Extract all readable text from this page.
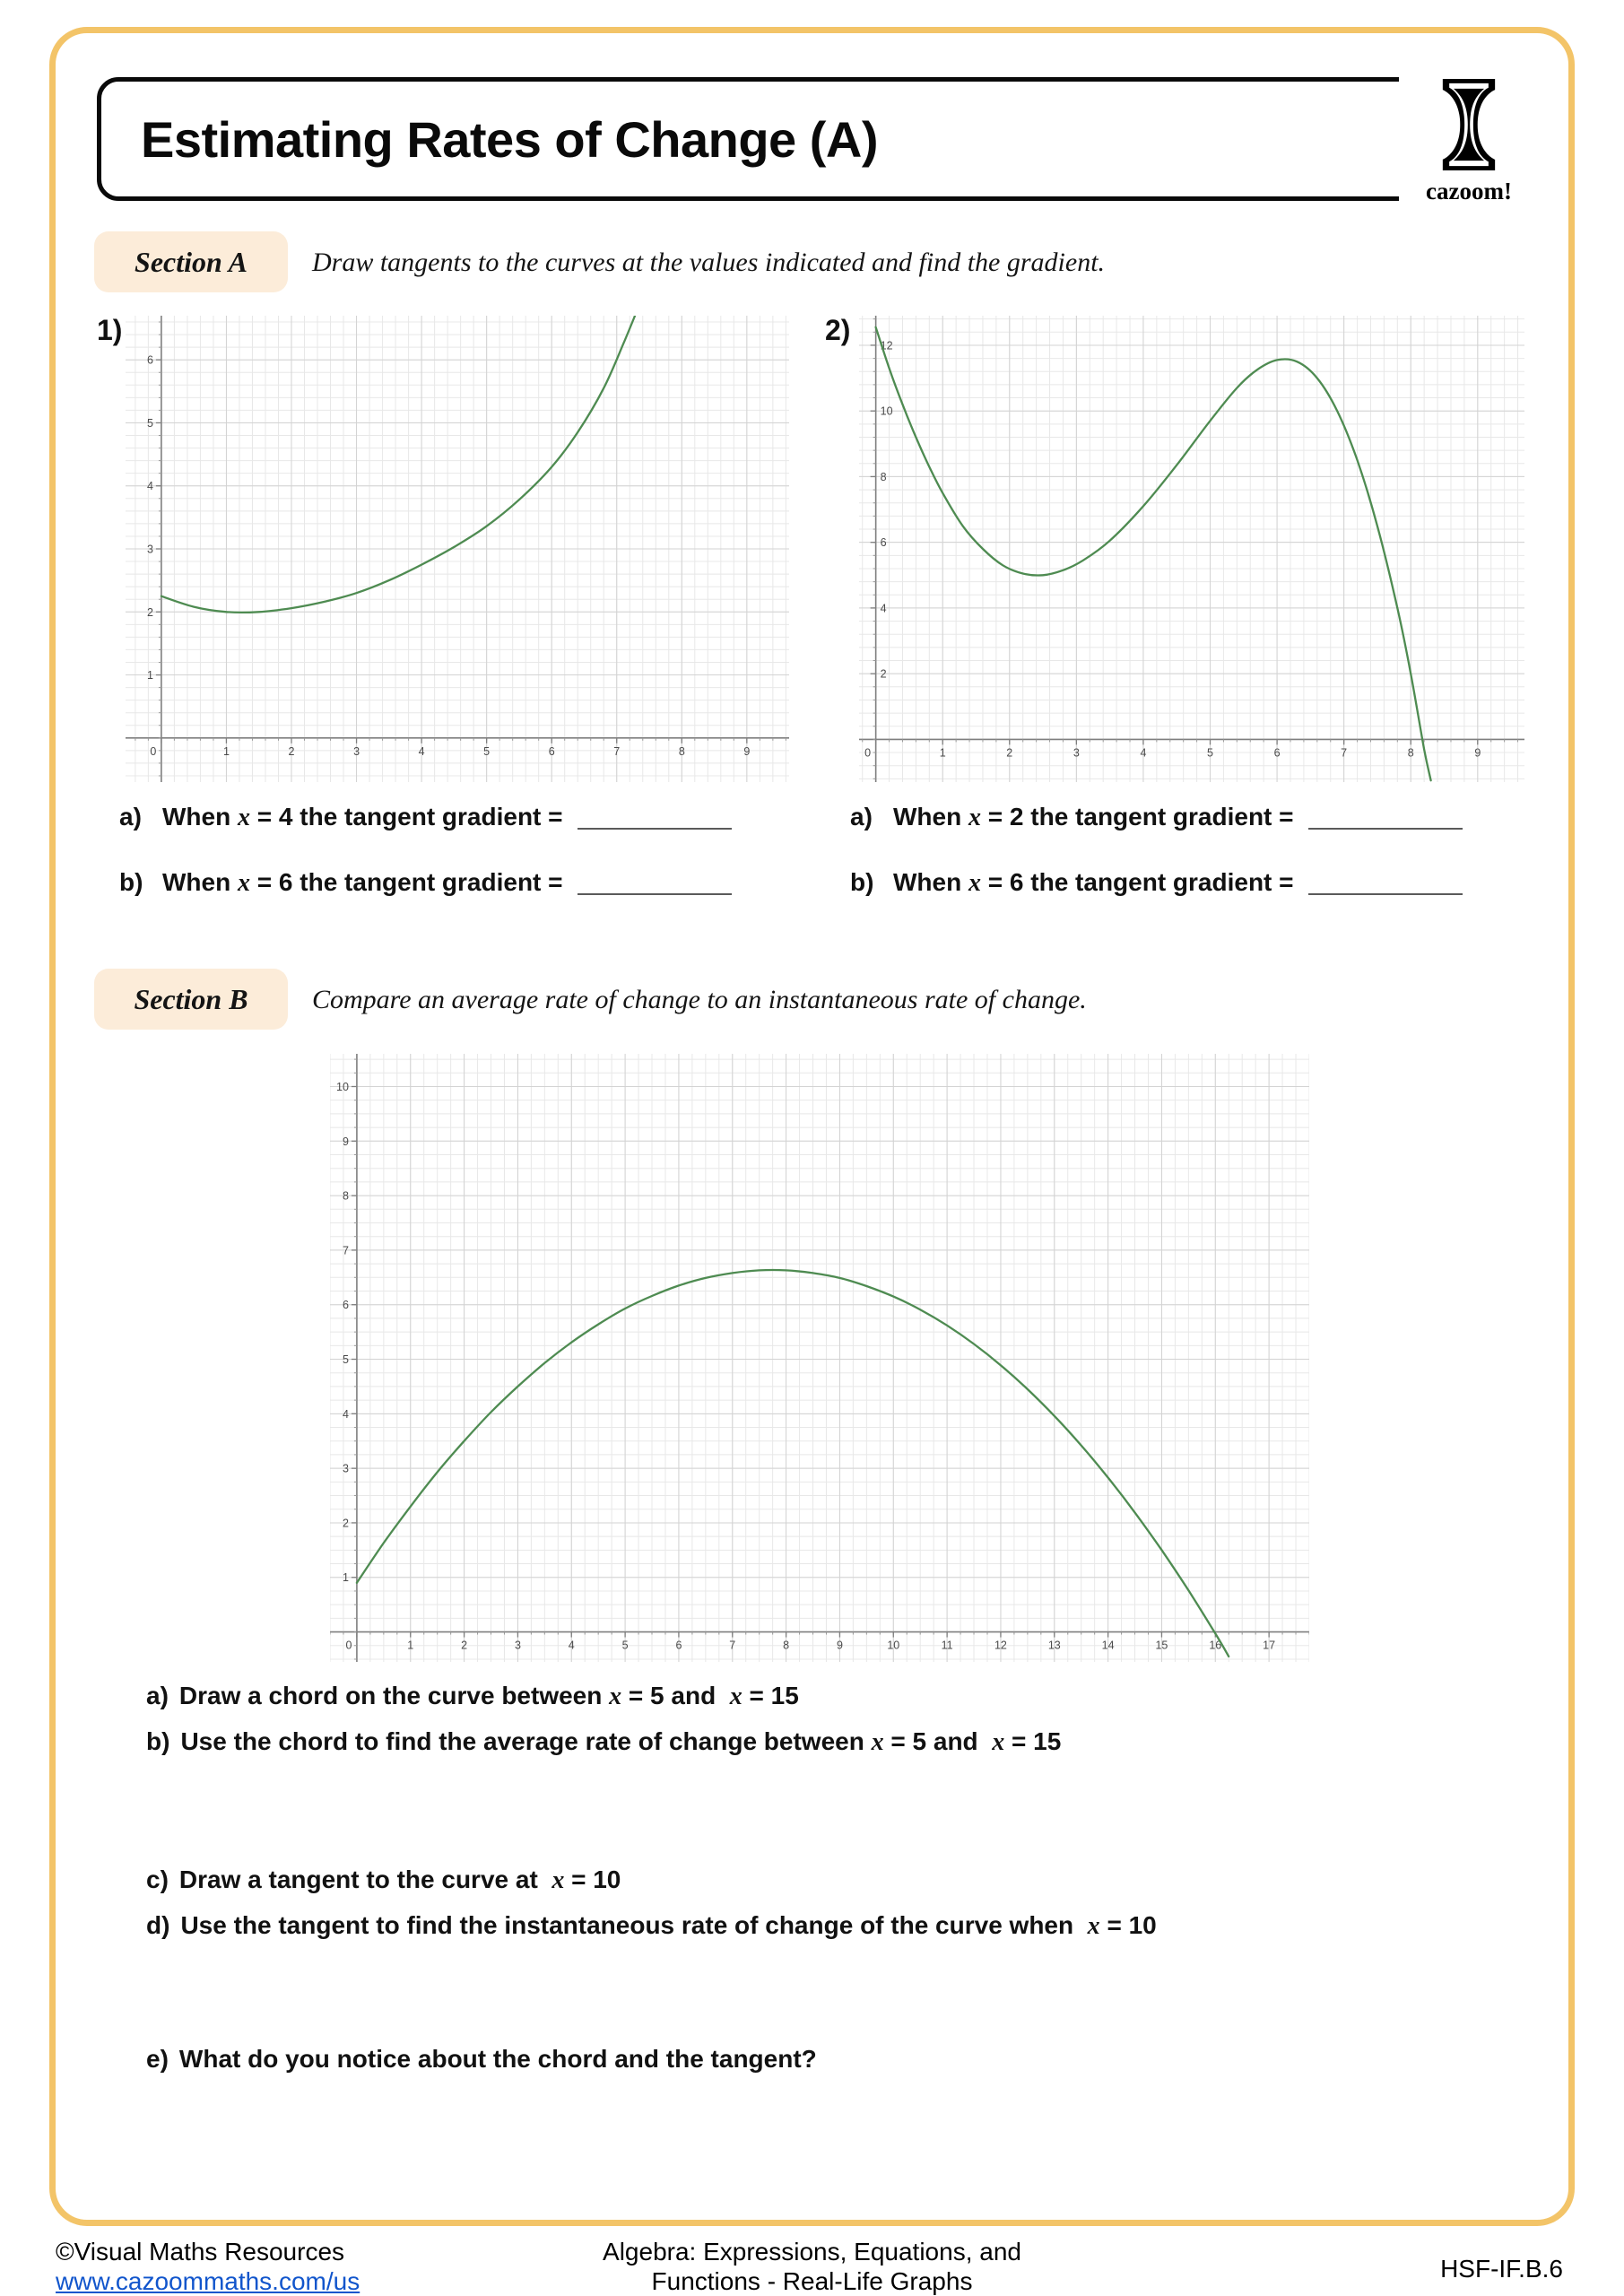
Estimating Rates of Change (A)
cazoom!
Section A	Draw tangents to the curves at the values indicated and find the gradient.
1)
0	1	2	3	4	5	6	7	8	9
1
2
3
4
5
6
2)
0	1	2	3	4	5	6	7	8	9
2
4
6
8
10
12
a) When x = 4 the tangent gradient =
b) When x = 6 the tangent gradient =
a) When x = 2 the tangent gradient =
b) When x = 6 the tangent gradient =
Section B	Compare an average rate of change to an instantaneous rate of change.
0	1	2	3	4	5	6	7	8	9	10	11	12	13	14	15	16	17
1
2
3
4
5
6
7
8
9
10
a) Draw a chord on the curve between x = 5 and  x = 15
b) Use the chord to find the average rate of change between x = 5 and  x = 15
c) Draw a tangent to the curve at  x = 10
d) Use the tangent to find the instantaneous rate of change of the curve when  x = 10
e) What do you notice about the chord and the tangent?
©Visual Maths Resources
www.cazoommaths.com/us
Algebra: Expressions, Equations, and
Functions - Real-Life Graphs	HSF-IF.B.6
